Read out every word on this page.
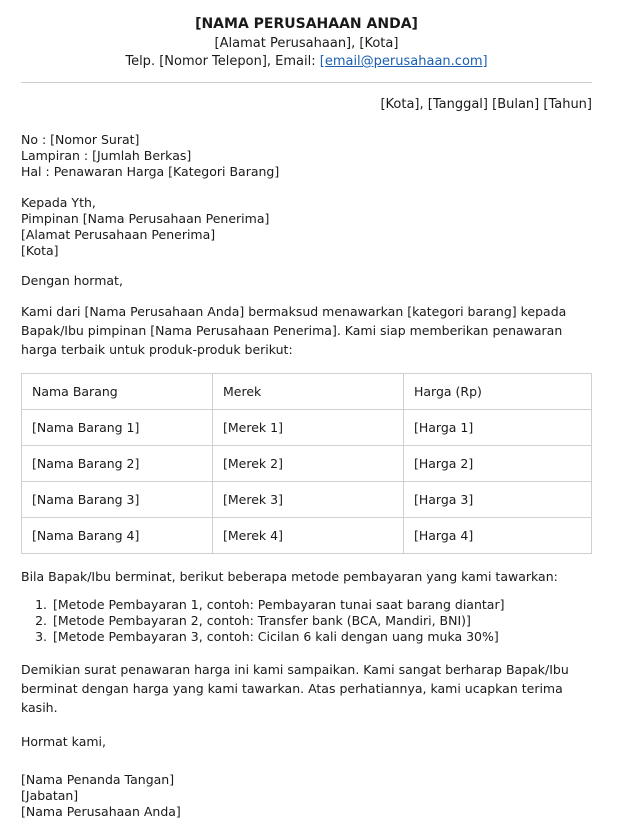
[NAMA PERUSAHAAN ANDA]
[Alamat Perusahaan], [Kota]
Telp. [Nomor Telepon], Email: [email@perusahaan.com]
[Kota], [Tanggal] [Bulan] [Tahun]
No : [Nomor Surat]
Lampiran : [Jumlah Berkas]
Hal : Penawaran Harga [Kategori Barang]
Kepada Yth,
Pimpinan [Nama Perusahaan Penerima]
[Alamat Perusahaan Penerima]
[Kota]
Dengan hormat,
Kami dari [Nama Perusahaan Anda] bermaksud menawarkan [kategori barang] kepada Bapak/Ibu pimpinan [Nama Perusahaan Penerima]. Kami siap memberikan penawaran harga terbaik untuk produk-produk berikut:
Nama Barang	Merek	Harga (Rp)
[Nama Barang 1]	[Merek 1]	[Harga 1]
[Nama Barang 2]	[Merek 2]	[Harga 2]
[Nama Barang 3]	[Merek 3]	[Harga 3]
[Nama Barang 4]	[Merek 4]	[Harga 4]
Bila Bapak/Ibu berminat, berikut beberapa metode pembayaran yang kami tawarkan:
1. [Metode Pembayaran 1, contoh: Pembayaran tunai saat barang diantar]
2. [Metode Pembayaran 2, contoh: Transfer bank (BCA, Mandiri, BNI)]
3. [Metode Pembayaran 3, contoh: Cicilan 6 kali dengan uang muka 30%]
Demikian surat penawaran harga ini kami sampaikan. Kami sangat berharap Bapak/Ibu berminat dengan harga yang kami tawarkan. Atas perhatiannya, kami ucapkan terima kasih.
Hormat kami,
[Nama Penanda Tangan]
[Jabatan]
[Nama Perusahaan Anda]
